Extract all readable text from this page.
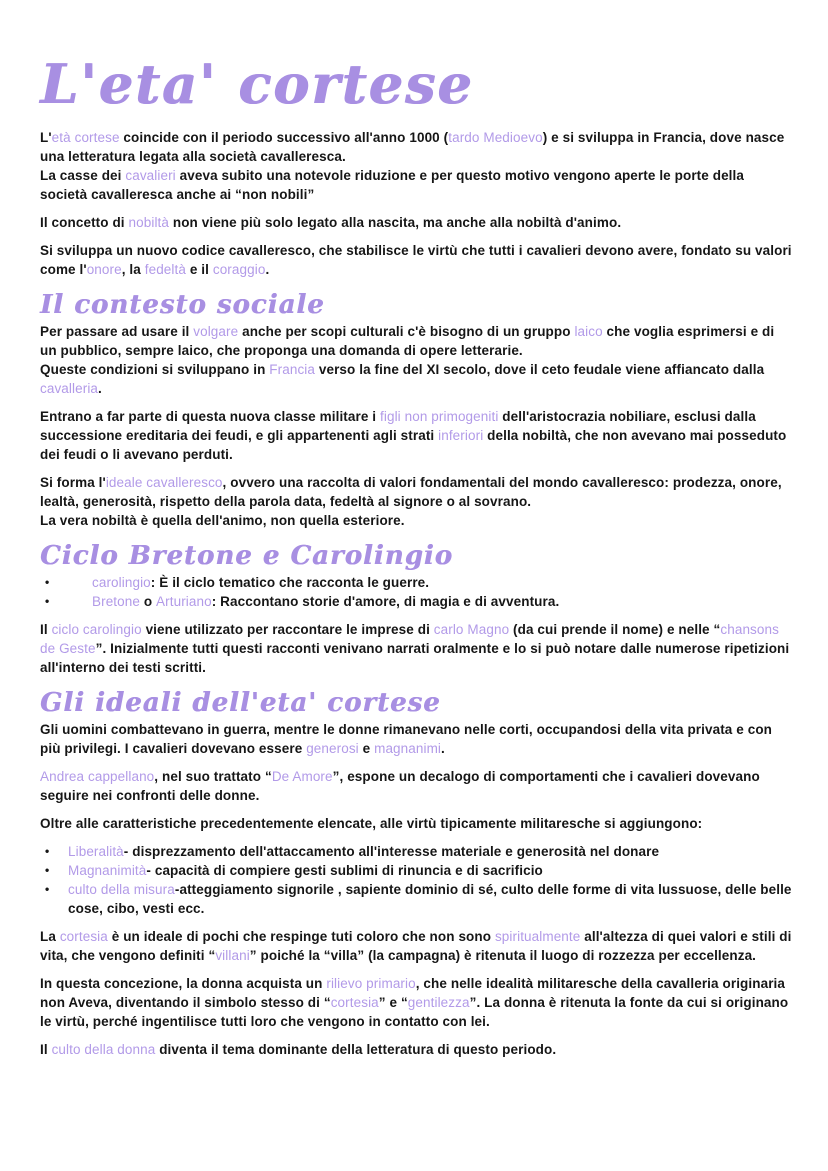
L'eta' cortese

L'età cortese coincide con il periodo successivo all'anno 1000 (tardo Medioevo) e si sviluppa in Francia, dove nasce una letteratura legata alla società cavalleresca.
La casse dei cavalieri aveva subito una notevole riduzione e per questo motivo vengono aperte le porte della società cavalleresca anche ai “non nobili”

Il concetto di nobiltà non viene più solo legato alla nascita, ma anche alla nobiltà d'animo.

Si sviluppa un nuovo codice cavalleresco, che stabilisce le virtù che tutti i cavalieri devono avere, fondato su valori come l'onore, la fedeltà e il coraggio.

Il contesto sociale

Per passare ad usare il volgare anche per scopi culturali c'è bisogno di un gruppo laico che voglia esprimersi e di un pubblico, sempre laico, che proponga una domanda di opere letterarie.
Queste condizioni si sviluppano in Francia verso la fine del XI secolo, dove il ceto feudale viene affiancato dalla cavalleria.

Entrano a far parte di questa nuova classe militare i figli non primogeniti dell'aristocrazia nobiliare, esclusi dalla successione ereditaria dei feudi, e gli appartenenti agli strati inferiori della nobiltà, che non avevano mai posseduto dei feudi o li avevano perduti.

Si forma l'ideale cavalleresco, ovvero una raccolta di valori fondamentali del mondo cavalleresco: prodezza, onore, lealtà, generosità, rispetto della parola data, fedeltà al signore o al sovrano.
La vera nobiltà è quella dell'animo, non quella esteriore.

Ciclo Bretone e Carolingio
• carolingio: È il ciclo tematico che racconta le guerre.
• Bretone o Arturiano: Raccontano storie d'amore, di magia e di avventura.

Il ciclo carolingio viene utilizzato per raccontare le imprese di carlo Magno (da cui prende il nome) e nelle “chansons de Geste”. Inizialmente tutti questi racconti venivano narrati oralmente e lo si può notare dalle numerose ripetizioni all'interno dei testi scritti.

Gli ideali dell'eta' cortese

Gli uomini combattevano in guerra, mentre le donne rimanevano nelle corti, occupandosi della vita privata e con più privilegi. I cavalieri dovevano essere generosi e magnanimi.

Andrea cappellano, nel suo trattato “De Amore”, espone un decalogo di comportamenti che i cavalieri dovevano seguire nei confronti delle donne.

Oltre alle caratteristiche precedentemente elencate, alle virtù tipicamente militaresche si aggiungono:

• Liberalità- disprezzamento dell'attaccamento all'interesse materiale e generosità nel donare
• Magnanimità- capacità di compiere gesti sublimi di rinuncia e di sacrificio
• culto della misura-atteggiamento signorile , sapiente dominio di sé, culto delle forme di vita lussuose, delle belle cose, cibo, vesti ecc.

La cortesia è un ideale di pochi che respinge tuti coloro che non sono spiritualmente all'altezza di quei valori e stili di vita, che vengono definiti “villani” poiché la “villa” (la campagna) è ritenuta il luogo di rozzezza per eccellenza.

In questa concezione, la donna acquista un rilievo primario, che nelle idealità militaresche della cavalleria originaria non Aveva, diventando il simbolo stesso di “cortesia” e “gentilezza”. La donna è ritenuta la fonte da cui si originano le virtù, perché ingentilisce tutti loro che vengono in contatto con lei.

Il culto della donna diventa il tema dominante della letteratura di questo periodo.
